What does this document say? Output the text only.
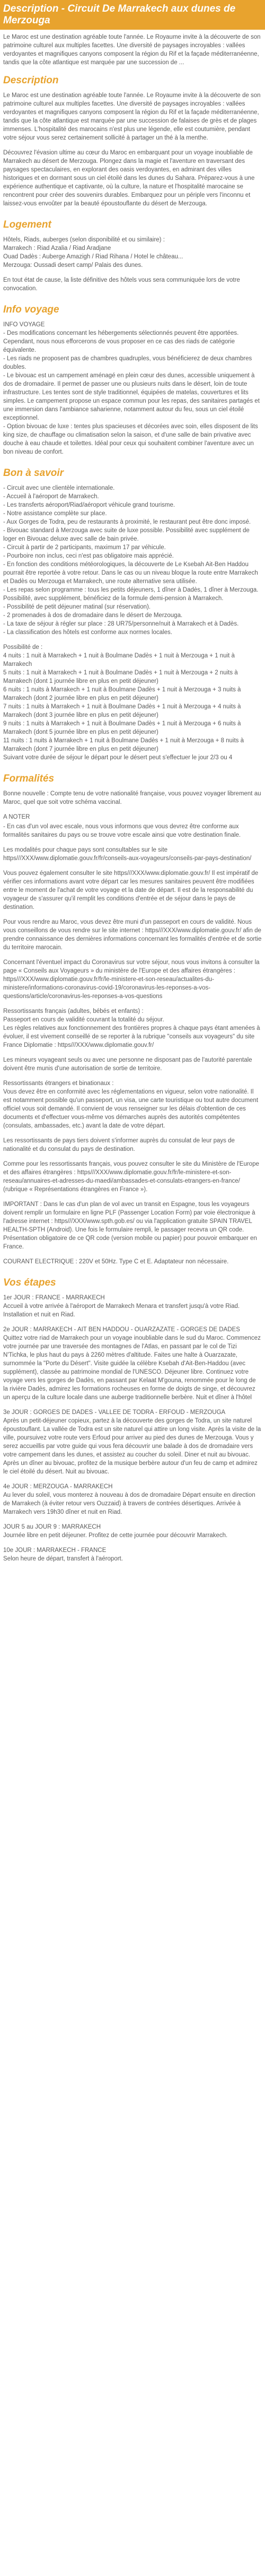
Description - Circuit De Marrakech aux dunes de Merzouga

Le Maroc est une destination agréable toute l'année. Le Royaume invite à la découverte de son patrimoine culturel aux multiples facettes. Une diversité de paysages incroyables : vallées verdoyantes et magnifiques canyons composent la région du Rif et la façade méditerranéenne, tandis que la côte atlantique est marquée par une succession de ...

Description

Le Maroc est une destination agréable toute l'année. Le Royaume invite à la découverte de son patrimoine culturel aux multiples facettes. Une diversité de paysages incroyables : vallées verdoyantes et magnifiques canyons composent la région du Rif et la façade méditerranéenne, tandis que la côte atlantique est marquée par une succession de falaises de grès et de plages immenses. L'hospitalité des marocains n'est plus une légende, elle est coutumière, pendant votre séjour vous serez certainement sollicité à partager un thé à la menthe.

Découvrez l'évasion ultime au cœur du Maroc en embarquant pour un voyage inoubliable de Marrakech au désert de Merzouga. Plongez dans la magie et l'aventure en traversant des paysages spectaculaires, en explorant des oasis verdoyantes, en admirant des villes historiques et en dormant sous un ciel étoilé dans les dunes du Sahara. Préparez-vous à une expérience authentique et captivante, où la culture, la nature et l'hospitalité marocaine se rencontrent pour créer des souvenirs durables. Embarquez pour un périple vers l'inconnu et laissez-vous envoûter par la beauté époustouflante du désert de Merzouga.

Logement

Hôtels, Riads, auberges (selon disponibilité et ou similaire) :
Marrakech : Riad Azalia / Riad Aradjane
Ouad Dadès : Auberge Amazigh / Riad Rihana / Hotel le château...
Merzouga: Oussadi desert camp/ Palais des dunes.

En tout état de cause, la liste définitive des hôtels vous sera communiquée lors de votre convocation.

Info voyage

INFO VOYAGE
- Des modifications concernant les hébergements sélectionnés peuvent être apportées. Cependant, nous nous efforcerons de vous proposer en ce cas des riads de catégorie équivalente.
- Les riads ne proposent pas de chambres quadruples, vous bénéficierez de deux chambres doubles.
- Le bivouac est un campement aménagé en plein cœur des dunes, accessible uniquement à dos de dromadaire. Il permet de passer une ou plusieurs nuits dans le désert, loin de toute infrastructure. Les tentes sont de style traditionnel, équipées de matelas, couvertures et lits simples. Le campement propose un espace commun pour les repas, des sanitaires partagés et une immersion dans l'ambiance saharienne, notamment autour du feu, sous un ciel étoilé exceptionnel.
- Option bivouac de luxe : tentes plus spacieuses et décorées avec soin, elles disposent de lits king size, de chauffage ou climatisation selon la saison, et d'une salle de bain privative avec douche à eau chaude et toilettes. Idéal pour ceux qui souhaitent combiner l'aventure avec un bon niveau de confort.

Bon à savoir

- Circuit avec une clientèle internationale.
- Accueil à l'aéroport de Marrakech.
- Les transferts aéroport/Riad/aéroport véhicule grand tourisme.
- Notre assistance complète sur place.
- Aux Gorges de Todra, peu de restaurants à proximité, le restaurant peut être donc imposé.
- Bivouac standard à Merzouga avec suite de luxe possible. Possibilité avec supplément de loger en Bivouac deluxe avec salle de bain privée.
- Circuit à partir de 2 participants, maximum 17 par véhicule.
- Pourboire non inclus, ceci n'est pas obligatoire mais apprécié.
- En fonction des conditions météorologiques, la découverte de Le Ksebah Ait-Ben Haddou pourrait être reportée à votre retour. Dans le cas ou un niveau bloque la route entre Marrakech et Dadès ou Merzouga et Marrakech, une route alternative sera utilisée.
- Les repas selon programme : tous les petits déjeuners, 1 dîner à Dadès, 1 dîner à Merzouga. Possibilité, avec supplément, bénéficiez de la formule demi-pension à Marrakech.
- Possibilité de petit déjeuner matinal (sur réservation).
- 2 promenades à dos de dromadaire dans le désert de Merzouga.
- La taxe de séjour à régler sur place : 28 UR75/personne/nuit à Marrakech et à Dadès.
- La classification des hôtels est conforme aux normes locales.

Possibilité de :
4 nuits : 1 nuit à Marrakech + 1 nuit à Boulmane Dadès + 1 nuit à Merzouga + 1 nuit à Marrakech
5 nuits : 1 nuit à Marrakech + 1 nuit à Boulmane Dadès + 1 nuit à Merzouga + 2 nuits à Marrakech (dont 1 journée libre en plus en petit déjeuner)
6 nuits : 1 nuits à Marrakech + 1 nuit à Boulmane Dadès + 1 nuit à Merzouga + 3 nuits à Marrakech (dont 2 journée libre en plus en petit déjeuner)
7 nuits : 1 nuits à Marrakech + 1 nuit à Boulmane Dadès + 1 nuit à Merzouga + 4 nuits à Marrakech (dont 3 journée libre en plus en petit déjeuner)
9 nuits : 1 nuits à Marrakech + 1 nuit à Boulmane Dadès + 1 nuit à Merzouga + 6 nuits à Marrakech (dont 5 journée libre en plus en petit déjeuner)
11 nuits : 1 nuits à Marrakech + 1 nuit à Boulmane Dadès + 1 nuit à Merzouga + 8 nuits à Marrakech (dont 7 journée libre en plus en petit déjeuner)
Suivant votre durée de séjour le départ pour le désert peut s'effectuer le jour 2/3 ou 4

Formalités

Bonne nouvelle : Compte tenu de votre nationalité française, vous pouvez voyager librement au Maroc, quel que soit votre schéma vaccinal.

A NOTER

- En cas d'un vol avec escale, nous vous informons que vous devrez être conforme aux formalités sanitaires du pays ou se trouve votre escale ainsi que votre destination finale.

Les modalités pour chaque pays sont consultables sur le site https///XXX/www.diplomatie.gouv.fr/fr/conseils-aux-voyageurs/conseils-par-pays-destination/

Vous pouvez également consulter le site https///XXX/www.diplomatie.gouv.fr/ Il est impératif de vérifier ces informations avant votre départ car les mesures sanitaires peuvent être modifiées entre le moment de l'achat de votre voyage et la date de départ. Il est de la responsabilité du voyageur de s'assurer qu'il remplit les conditions d'entrée et de séjour dans le pays de destination.

Pour vous rendre au Maroc, vous devez être muni d'un passeport en cours de validité. Nous vous conseillons de vous rendre sur le site internet : https///XXX/www.diplomatie.gouv.fr/ afin de prendre connaissance des dernières informations concernant les formalités d'entrée et de sortie du territoire marocain.

Concernant l'éventuel impact du Coronavirus sur votre séjour, nous vous invitons à consulter la page « Conseils aux Voyageurs » du ministère de l'Europe et des affaires étrangères : https///XXX/www.diplomatie.gouv.fr/fr/le-ministere-et-son-reseau/actualites-du-ministere/informations-coronavirus-covid-19/coronavirus-les-reponses-a-vos-questions/article/coronavirus-les-reponses-a-vos-questions

Ressortissants français (adultes, bébés et enfants) :
Passeport en cours de validité couvrant la totalité du séjour.
Les règles relatives aux fonctionnement des frontières propres à chaque pays étant amenées à évoluer, il est vivement conseillé de se reporter à la rubrique "conseils aux voyageurs" du site France Diplomatie : https///XXX/www.diplomatie.gouv.fr/

Les mineurs voyageant seuls ou avec une personne ne disposant pas de l'autorité parentale doivent être munis d'une autorisation de sortie de territoire.

Ressortissants étrangers et binationaux :
Vous devez être en conformité avec les réglementations en vigueur, selon votre nationalité. Il est notamment possible qu'un passeport, un visa, une carte touristique ou tout autre document officiel vous soit demandé. Il convient de vous renseigner sur les délais d'obtention de ces documents et d'effectuer vous-même vos démarches auprès des autorités compétentes (consulats, ambassades, etc.) avant la date de votre départ.

Les ressortissants de pays tiers doivent s'informer auprès du consulat de leur pays de nationalité et du consulat du pays de destination.

Comme pour les ressortissants français, vous pouvez consulter le site du Ministère de l'Europe et des affaires étrangères : https///XXX/www.diplomatie.gouv.fr/fr/le-ministere-et-son-reseau/annuaires-et-adresses-du-maedi/ambassades-et-consulats-etrangers-en-france/ (rubrique « Représentations étrangères en France »).

IMPORTANT : Dans le cas d'un plan de vol avec un transit en Espagne, tous les voyageurs doivent remplir un formulaire en ligne PLF (Passenger Location Form) par voie électronique à l'adresse internet : https///XXX/www.spth.gob.es/ ou via l'application gratuite SPAIN TRAVEL HEALTH-SPTH (Android). Une fois le formulaire rempli, le passager recevra un QR code. Présentation obligatoire de ce QR code (version mobile ou papier) pour pouvoir embarquer en France.

COURANT ELECTRIQUE : 220V et 50Hz. Type C et E. Adaptateur non nécessaire.

Vos étapes
1er JOUR : FRANCE - MARRAKECH
Accueil à votre arrivée à l'aéroport de Marrakech Menara et transfert jusqu'à votre Riad. Installation et nuit en Riad.
2e JOUR : MARRAKECH - AIT BEN HADDOU - OUARZAZATE - GORGES DE DADES
Quittez votre riad de Marrakech pour un voyage inoubliable dans le sud du Maroc. Commencez votre journée par une traversée des montagnes de l'Atlas, en passant par le col de Tizi N'Tichka, le plus haut du pays à 2260 mètres d'altitude. Faites une halte à Ouarzazate, surnommée la "Porte du Désert". Visite guidée la célèbre Ksebah d'Ait-Ben-Haddou (avec supplément), classée au patrimoine mondial de l'UNESCO. Déjeuner libre. Continuez votre voyage vers les gorges de Dadès, en passant par Kelaat M'gouna, renommée pour le long de la rivière Dadès, admirez les formations rocheuses en forme de doigts de singe, et découvrez un aperçu de la culture locale dans une auberge traditionnelle berbère. Nuit et dîner à l'hôtel
3e JOUR : GORGES DE DADES - VALLEE DE TODRA - ERFOUD - MERZOUGA
Après un petit-déjeuner copieux, partez à la découverte des gorges de Todra, un site naturel époustouflant. La vallée de Todra est un site naturel qui attire un long visite. Après la visite de la ville, poursuivez votre route vers Erfoud pour arriver au pied des dunes de Merzouga. Vous y serez accueillis par votre guide qui vous fera découvrir une balade à dos de dromadaire vers votre campement dans les dunes, et assistez au coucher du soleil. Diner et nuit au bivouac. Après un dîner au bivouac, profitez de la musique berbère autour d'un feu de camp et admirez le ciel étoilé du désert. Nuit au bivouac.
4e JOUR : MERZOUGA - MARRAKECH
Au lever du soleil, vous monterez à nouveau à dos de dromadaire Départ ensuite en direction de Marrakech (à éviter retour vers Ouzzaid) à travers de contrées désertiques. Arrivée à Marrakech vers 19h30 dîner et nuit en Riad.
JOUR 5 au JOUR 9 : MARRAKECH
Journée libre en petit déjeuner. Profitez de cette journée pour découvrir Marrakech.
10e JOUR : MARRAKECH - FRANCE
Selon heure de départ, transfert à l'aéroport.
